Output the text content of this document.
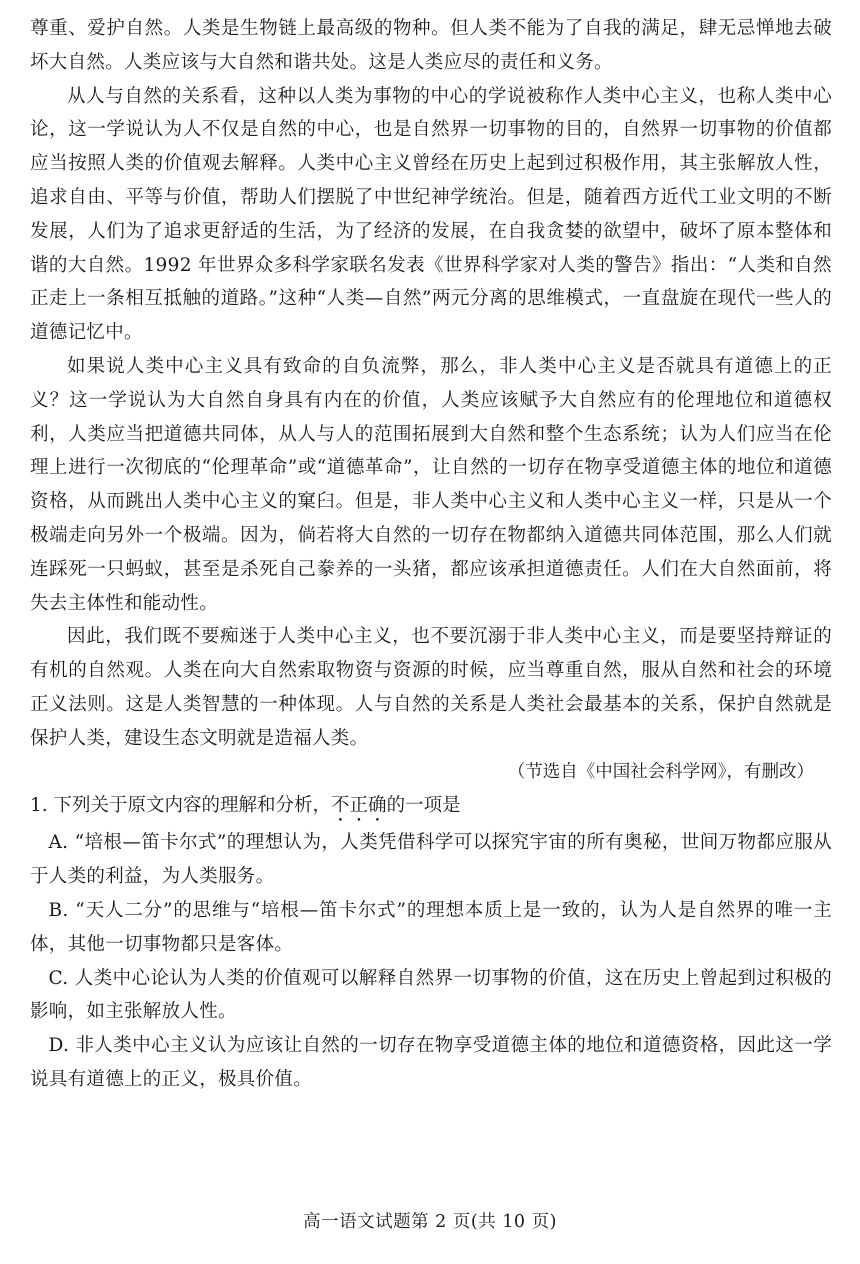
尊重、爱护自然。人类是生物链上最高级的物种。但人类不能为了自我的满足，肆无忌惮地去破坏大自然。人类应该与大自然和谐共处。这是人类应尽的责任和义务。

从人与自然的关系看，这种以人类为事物的中心的学说被称作人类中心主义，也称人类中心论，这一学说认为人不仅是自然的中心，也是自然界一切事物的目的，自然界一切事物的价值都应当按照人类的价值观去解释。人类中心主义曾经在历史上起到过积极作用，其主张解放人性，追求自由、平等与价值，帮助人们摆脱了中世纪神学统治。但是，随着西方近代工业文明的不断发展，人们为了追求更舒适的生活，为了经济的发展，在自我贪婪的欲望中，破坏了原本整体和谐的大自然。1992 年世界众多科学家联名发表《世界科学家对人类的警告》指出：“人类和自然正走上一条相互抵触的道路。”这种“人类—自然”两元分离的思维模式，一直盘旋在现代一些人的道德记忆中。

如果说人类中心主义具有致命的自负流弊，那么，非人类中心主义是否就具有道德上的正义？这一学说认为大自然自身具有内在的价值，人类应该赋予大自然应有的伦理地位和道德权利，人类应当把道德共同体，从人与人的范围拓展到大自然和整个生态系统；认为人们应当在伦理上进行一次彻底的“伦理革命”或“道德革命”，让自然的一切存在物享受道德主体的地位和道德资格，从而跳出人类中心主义的窠臼。但是，非人类中心主义和人类中心主义一样，只是从一个极端走向另外一个极端。因为，倘若将大自然的一切存在物都纳入道德共同体范围，那么人们就连踩死一只蚂蚁，甚至是杀死自己豢养的一头猪，都应该承担道德责任。人们在大自然面前，将失去主体性和能动性。

因此，我们既不要痴迷于人类中心主义，也不要沉溺于非人类中心主义，而是要坚持辩证的有机的自然观。人类在向大自然索取物资与资源的时候，应当尊重自然，服从自然和社会的环境正义法则。这是人类智慧的一种体现。人与自然的关系是人类社会最基本的关系，保护自然就是保护人类，建设生态文明就是造福人类。

（节选自《中国社会科学网》，有删改）

1. 下列关于原文内容的理解和分析，不正确的一项是

A. “培根—笛卡尔式”的理想认为，人类凭借科学可以探究宇宙的所有奥秘，世间万物都应服从于人类的利益，为人类服务。

B. “天人二分”的思维与“培根—笛卡尔式”的理想本质上是一致的，认为人是自然界的唯一主体，其他一切事物都只是客体。

C. 人类中心论认为人类的价值观可以解释自然界一切事物的价值，这在历史上曾起到过积极的影响，如主张解放人性。

D. 非人类中心主义认为应该让自然的一切存在物享受道德主体的地位和道德资格，因此这一学说具有道德上的正义，极具价值。

高一语文试题第 2 页(共 10 页)
